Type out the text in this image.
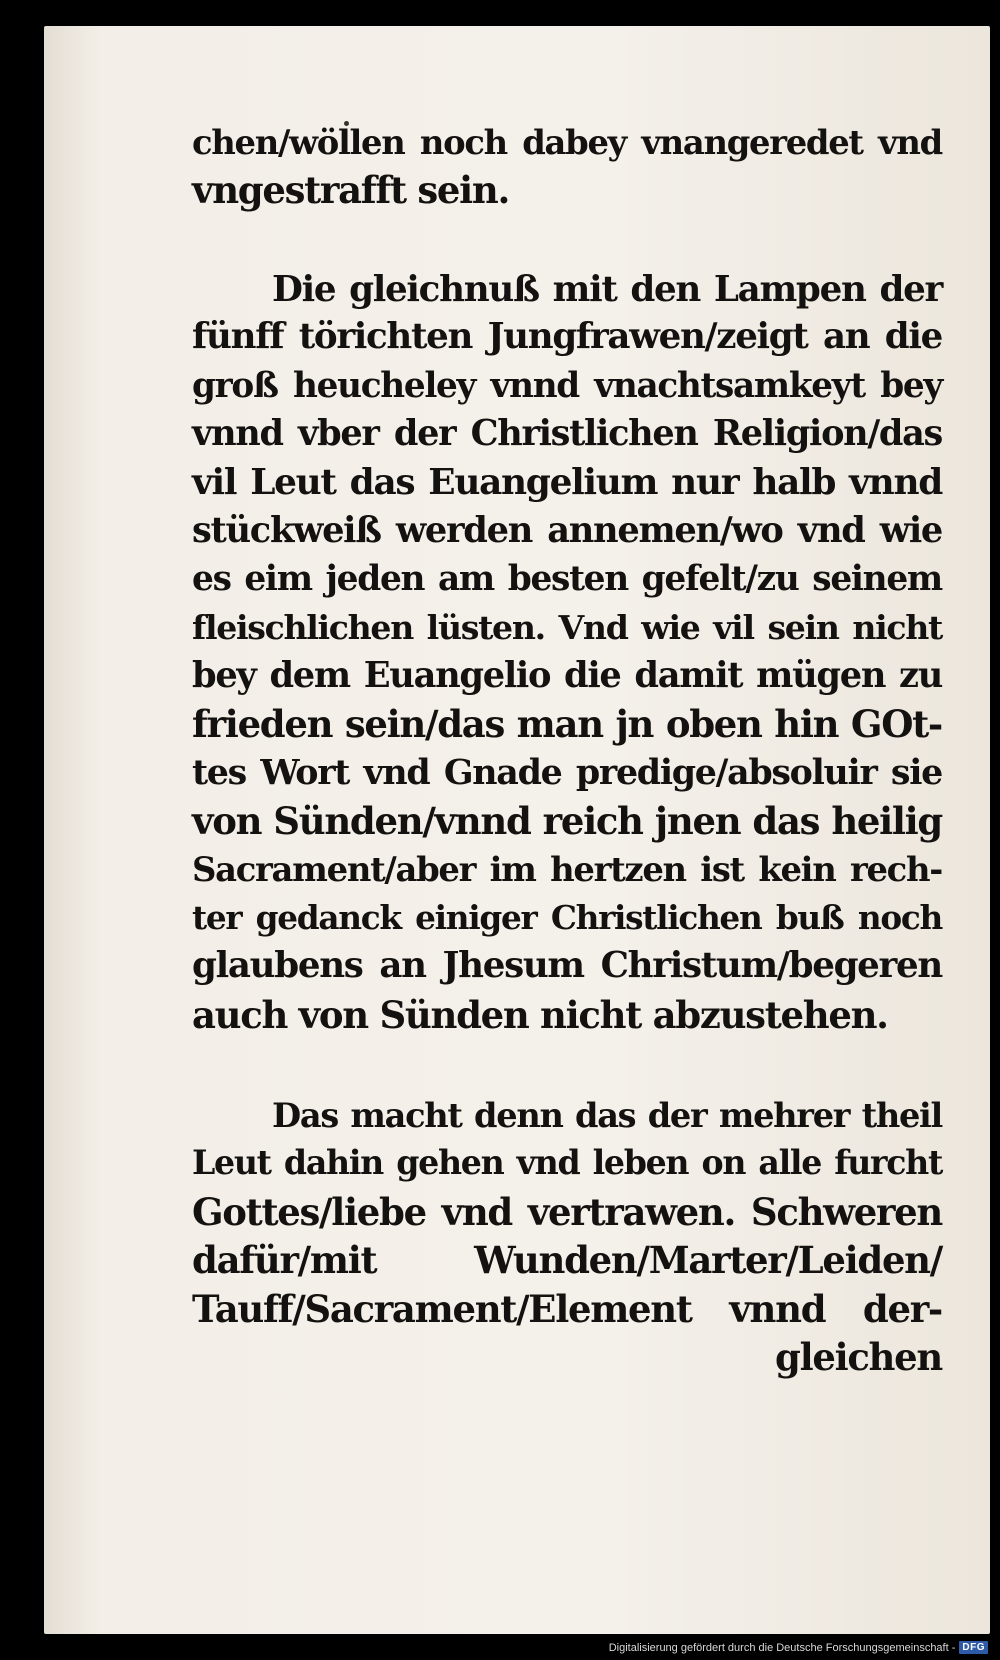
chen/wöllen noch dabey vnangeredet vnd
vngestrafft sein.
Die gleichnuß mit den Lampen der
fünff törichten Jungfrawen/zeigt an die
groß heucheley vnnd vnachtsamkeyt bey
vnnd vber der Christlichen Religion/das
vil Leut das Euangelium nur halb vnnd
stückweiß werden annemen/wo vnd wie
es eim jeden am besten gefelt/zu seinem
fleischlichen lüsten. Vnd wie vil sein nicht
bey dem Euangelio die damit mügen zu
frieden sein/das man jn oben hin GOt-
tes Wort vnd Gnade predige/absoluir sie
von Sünden/vnnd reich jnen das heilig
Sacrament/aber im hertzen ist kein rech-
ter gedanck einiger Christlichen buß noch
glaubens an Jhesum Christum/begeren
auch von Sünden nicht abzustehen.
Das macht denn das der mehrer theil
Leut dahin gehen vnd leben on alle furcht
Gottes/liebe vnd vertrawen. Schweren
dafür/mit Wunden/Marter/Leiden/
Tauff/Sacrament/Element vnnd der-
gleichen
Digitalisierung gefördert durch die Deutsche Forschungsgemeinschaft - DFG
